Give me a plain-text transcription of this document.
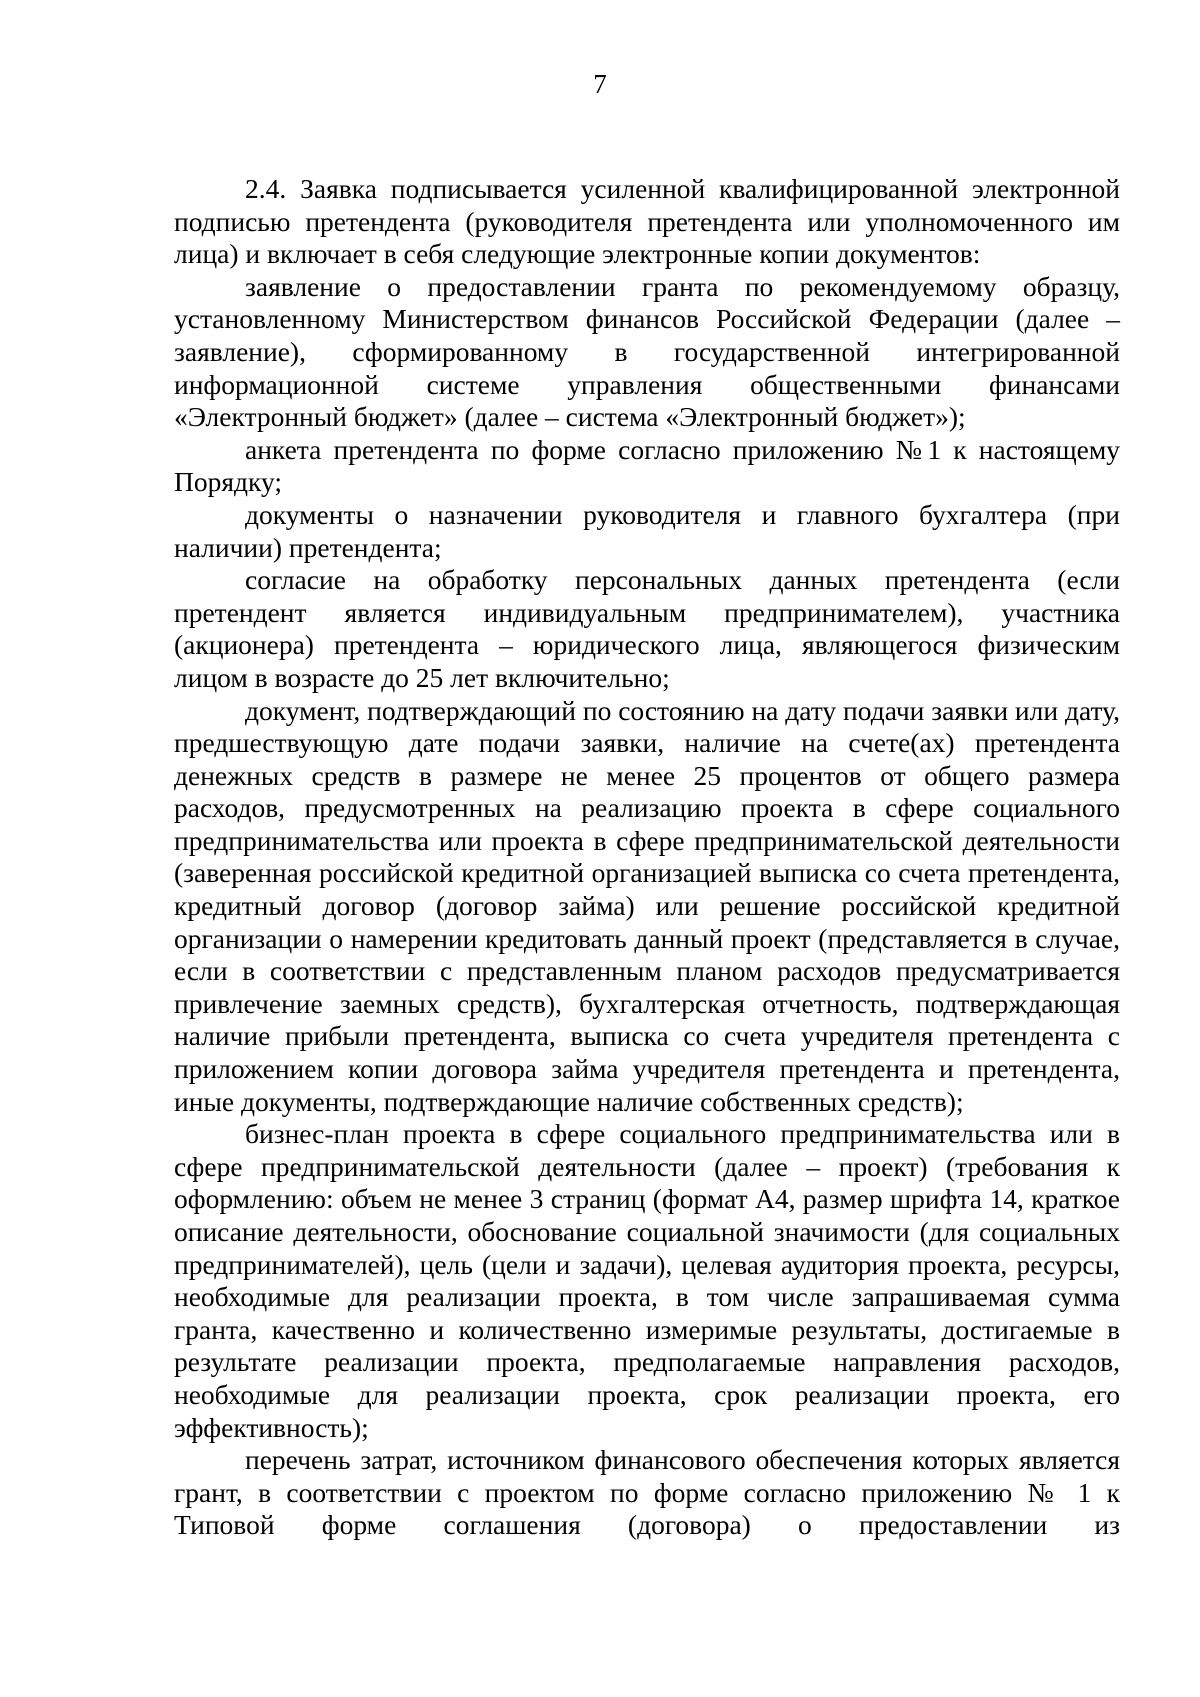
7

2.4. Заявка подписывается усиленной квалифицированной электронной подписью претендента (руководителя претендента или уполномоченного им лица) и включает в себя следующие электронные копии документов:

заявление о предоставлении гранта по рекомендуемому образцу, установленному Министерством финансов Российской Федерации (далее – заявление), сформированному в государственной интегрированной информационной системе управления общественными финансами «Электронный бюджет» (далее – система «Электронный бюджет»);

анкета претендента по форме согласно приложению №1 к настоящему Порядку;

документы о назначении руководителя и главного бухгалтера (при наличии) претендента;

согласие на обработку персональных данных претендента (если претендент является индивидуальным предпринимателем), участника (акционера) претендента – юридического лица, являющегося физическим лицом в возрасте до 25 лет включительно;

документ, подтверждающий по состоянию на дату подачи заявки или дату, предшествующую дате подачи заявки, наличие на счете(ах) претендента денежных средств в размере не менее 25 процентов от общего размера расходов, предусмотренных на реализацию проекта в сфере социального предпринимательства или проекта в сфере предпринимательской деятельности (заверенная российской кредитной организацией выписка со счета претендента, кредитный договор (договор займа) или решение российской кредитной организации о намерении кредитовать данный проект (представляется в случае, если в соответствии с представленным планом расходов предусматривается привлечение заемных средств), бухгалтерская отчетность, подтверждающая наличие прибыли претендента, выписка со счета учредителя претендента с приложением копии договора займа учредителя претендента и претендента, иные документы, подтверждающие наличие собственных средств);

бизнес-план проекта в сфере социального предпринимательства или в сфере предпринимательской деятельности (далее – проект) (требования к оформлению: объем не менее 3 страниц (формат А4, размер шрифта 14, краткое описание деятельности, обоснование социальной значимости (для социальных предпринимателей), цель (цели и задачи), целевая аудитория проекта, ресурсы, необходимые для реализации проекта, в том числе запрашиваемая сумма гранта, качественно и количественно измеримые результаты, достигаемые в результате реализации проекта, предполагаемые направления расходов, необходимые для реализации проекта, срок реализации проекта, его эффективность);

перечень затрат, источником финансового обеспечения которых является грант, в соответствии с проектом по форме согласно приложению № 1 к Типовой форме соглашения (договора) о предоставлении из
